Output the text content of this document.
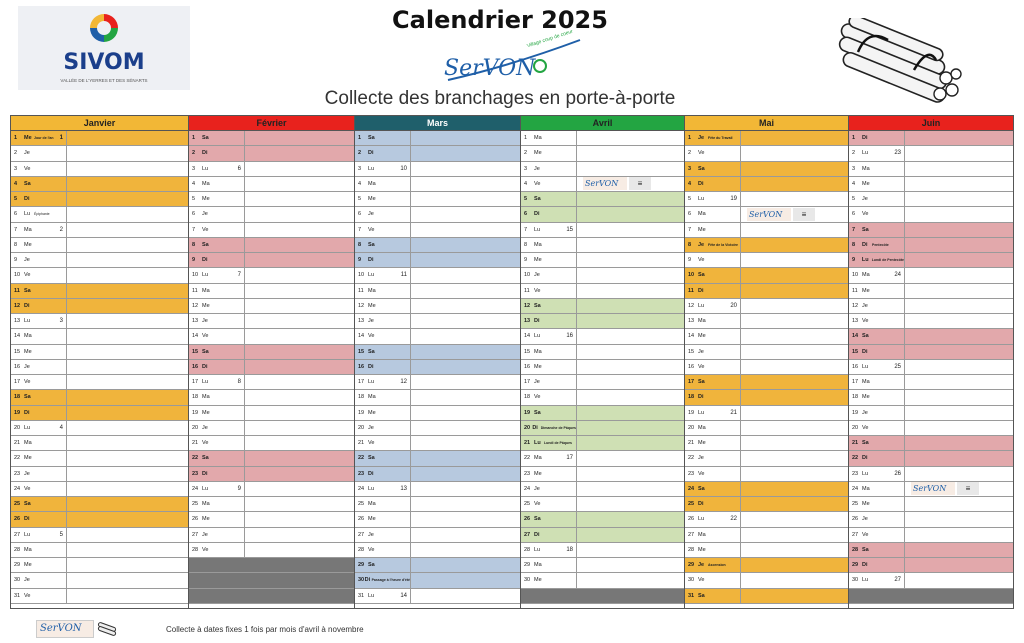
SIVOM
VALLÉE DE L'YERRES ET DES SÉNARTS
Calendrier 2025
SerVON
Village coup de coeur
Collecte des branchages en porte-à-porte
Janvier
1	Me Jour de l'an 1
2	Je
3	Ve
4	Sa
5	Di
6	Lu	Épiphanie
7	Ma	2
8	Me
9	Je
10 Ve
11 Sa
12 Di
13 Lu	3
14 Ma
15 Me
16 Je
17 Ve
18 Sa
19 Di
20 Lu	4
21 Ma
22 Me
23 Je
24 Ve
25 Sa
26 Di
27 Lu	5
28 Ma
29 Me
30 Je
31 Ve
Février
1	Sa
2	Di
3	Lu	6
4	Ma
5	Me
6	Je
7	Ve
8	Sa
9	Di
10 Lu	7
11 Ma
12 Me
13 Je
14 Ve
15 Sa
16 Di
17 Lu	8
18 Ma
19 Me
20 Je
21 Ve
22 Sa
23 Di
24 Lu	9
25 Ma
26 Me
27 Je
28 Ve
Mars
1	Sa
2	Di
3	Lu	10
4	Ma
5	Me
6	Je
7	Ve
8	Sa
9	Di
10 Lu	11
11 Ma
12 Me
13 Je
14 Ve
15 Sa
16 Di
17 Lu	12
18 Ma
19 Me
20 Je
21 Ve
22 Sa
23 Di
24 Lu	13
25 Ma
26 Me
27 Je
28 Ve
29 Sa
30 Di Passage à l'heure d'été
31 Lu	14
Avril
1	Ma
2	Me
3	Je
4	Ve	SerVON	≡
5	Sa
6	Di
7	Lu	15
8	Ma
9	Me
10 Je
11 Ve
12 Sa
13 Di
14 Lu	16
15 Ma
16 Me
17 Je
18 Ve
19 Sa
20 Di Dimanche de Pâques
21 Lu Lundi de Pâques
22 Ma	17
23 Me
24 Je
25 Ve
26 Sa
27 Di
28 Lu	18
29 Ma
30 Me
Mai
1	Je	Fête du Travail
2	Ve
3	Sa
4	Di
5	Lu	19
6	Ma	SerVON	≡
7	Me
8	Je	Fête de la Victoire
9	Ve
10 Sa
11 Di
12 Lu	20
13 Ma
14 Me
15 Je
16 Ve
17 Sa
18 Di
19 Lu	21
20 Ma
21 Me
22 Je
23 Ve
24 Sa
25 Di
26 Lu	22
27 Ma
28 Me
29 Je	Ascension
30 Ve
31 Sa
Juin
1	Di
2	Lu	23
3	Ma
4	Me
5	Je
6	Ve
7	Sa
8	Di	Pentecôte
9	Lu Lundi de Pentecôte
10 Ma	24
11 Me
12 Je
13 Ve
14 Sa
15 Di
16 Lu	25
17 Ma
18 Me
19 Je
20 Ve
21 Sa
22 Di
23 Lu	26
24 Ma	SerVON	≡
25 Me
26 Je
27 Ve
28 Sa
29 Di
30 Lu	27
SerVON	Collecte à dates fixes 1 fois par mois d'avril à novembre
